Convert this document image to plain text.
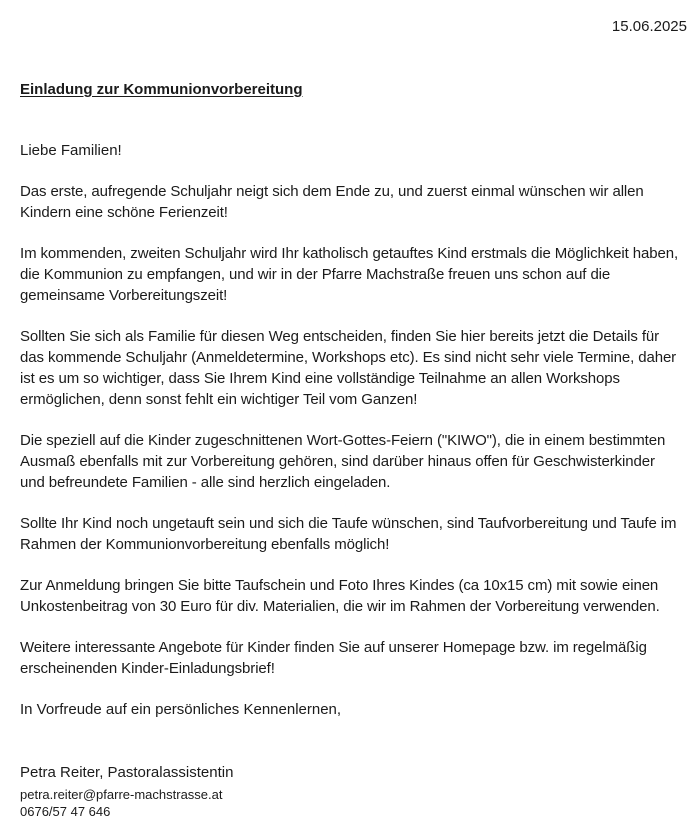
15.06.2025
Einladung zur Kommunionvorbereitung
Liebe Familien!

Das erste, aufregende Schuljahr neigt sich dem Ende zu, und zuerst einmal wünschen wir allen Kindern eine schöne Ferienzeit!

Im kommenden, zweiten Schuljahr wird Ihr katholisch getauftes Kind erstmals die Möglichkeit haben, die Kommunion zu empfangen, und wir in der Pfarre Machstraße freuen uns schon auf die gemeinsame Vorbereitungszeit!

Sollten Sie sich als Familie für diesen Weg entscheiden, finden Sie hier bereits jetzt die Details für das kommende Schuljahr (Anmeldetermine, Workshops etc). Es sind nicht sehr viele Termine, daher ist es um so wichtiger, dass Sie Ihrem Kind eine vollständige Teilnahme an allen Workshops ermöglichen, denn sonst fehlt ein wichtiger Teil vom Ganzen!

Die speziell auf die Kinder zugeschnittenen Wort-Gottes-Feiern ("KIWO"), die in einem bestimmten Ausmaß ebenfalls mit zur Vorbereitung gehören, sind darüber hinaus offen für Geschwisterkinder und befreundete Familien - alle sind herzlich eingeladen.

Sollte Ihr Kind noch ungetauft sein und sich die Taufe wünschen, sind Taufvorbereitung und Taufe im Rahmen der Kommunionvorbereitung ebenfalls möglich!

Zur Anmeldung bringen Sie bitte Taufschein und Foto Ihres Kindes (ca 10x15 cm) mit sowie einen Unkostenbeitrag von 30 Euro für div. Materialien, die wir im Rahmen der Vorbereitung verwenden.

Weitere interessante Angebote für Kinder finden Sie auf unserer Homepage bzw. im regelmäßig erscheinenden Kinder-Einladungsbrief!

In Vorfreude auf ein persönliches Kennenlernen,
Petra Reiter, Pastoralassistentin
petra.reiter@pfarre-machstrasse.at
0676/57 47 646
